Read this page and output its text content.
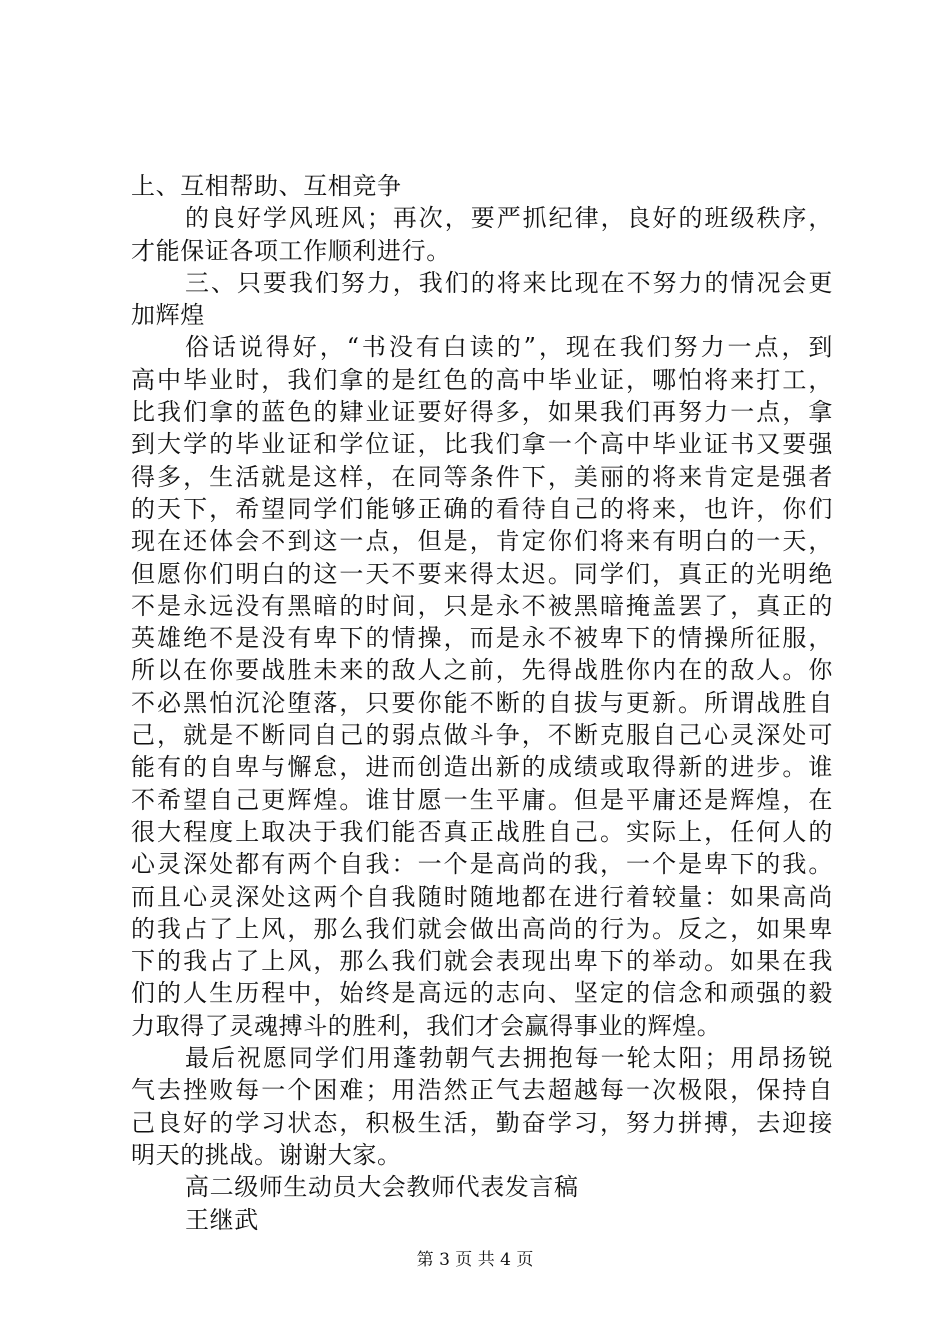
上、互相帮助、互相竞争
的良好学风班风；再次，要严抓纪律，良好的班级秩序，
才能保证各项工作顺利进行。
三、只要我们努力，我们的将来比现在不努力的情况会更
加辉煌
俗话说得好，“书没有白读的”，现在我们努力一点，到
高中毕业时，我们拿的是红色的高中毕业证，哪怕将来打工，
比我们拿的蓝色的肄业证要好得多，如果我们再努力一点，拿
到大学的毕业证和学位证，比我们拿一个高中毕业证书又要强
得多，生活就是这样，在同等条件下，美丽的将来肯定是强者
的天下，希望同学们能够正确的看待自己的将来，也许，你们
现在还体会不到这一点，但是，肯定你们将来有明白的一天，
但愿你们明白的这一天不要来得太迟。同学们，真正的光明绝
不是永远没有黑暗的时间，只是永不被黑暗掩盖罢了，真正的
英雄绝不是没有卑下的情操，而是永不被卑下的情操所征服，
所以在你要战胜未来的敌人之前，先得战胜你内在的敌人。你
不必黑怕沉沦堕落，只要你能不断的自拔与更新。所谓战胜自
己，就是不断同自己的弱点做斗争，不断克服自己心灵深处可
能有的自卑与懈怠，进而创造出新的成绩或取得新的进步。谁
不希望自己更辉煌。谁甘愿一生平庸。但是平庸还是辉煌，在
很大程度上取决于我们能否真正战胜自己。实际上，任何人的
心灵深处都有两个自我：一个是高尚的我，一个是卑下的我。
而且心灵深处这两个自我随时随地都在进行着较量：如果高尚
的我占了上风，那么我们就会做出高尚的行为。反之，如果卑
下的我占了上风，那么我们就会表现出卑下的举动。如果在我
们的人生历程中，始终是高远的志向、坚定的信念和顽强的毅
力取得了灵魂搏斗的胜利，我们才会赢得事业的辉煌。
最后祝愿同学们用蓬勃朝气去拥抱每一轮太阳；用昂扬锐
气去挫败每一个困难；用浩然正气去超越每一次极限，保持自
己良好的学习状态，积极生活，勤奋学习，努力拼搏，去迎接
明天的挑战。谢谢大家。
高二级师生动员大会教师代表发言稿
王继武
第 3 页 共 4 页
